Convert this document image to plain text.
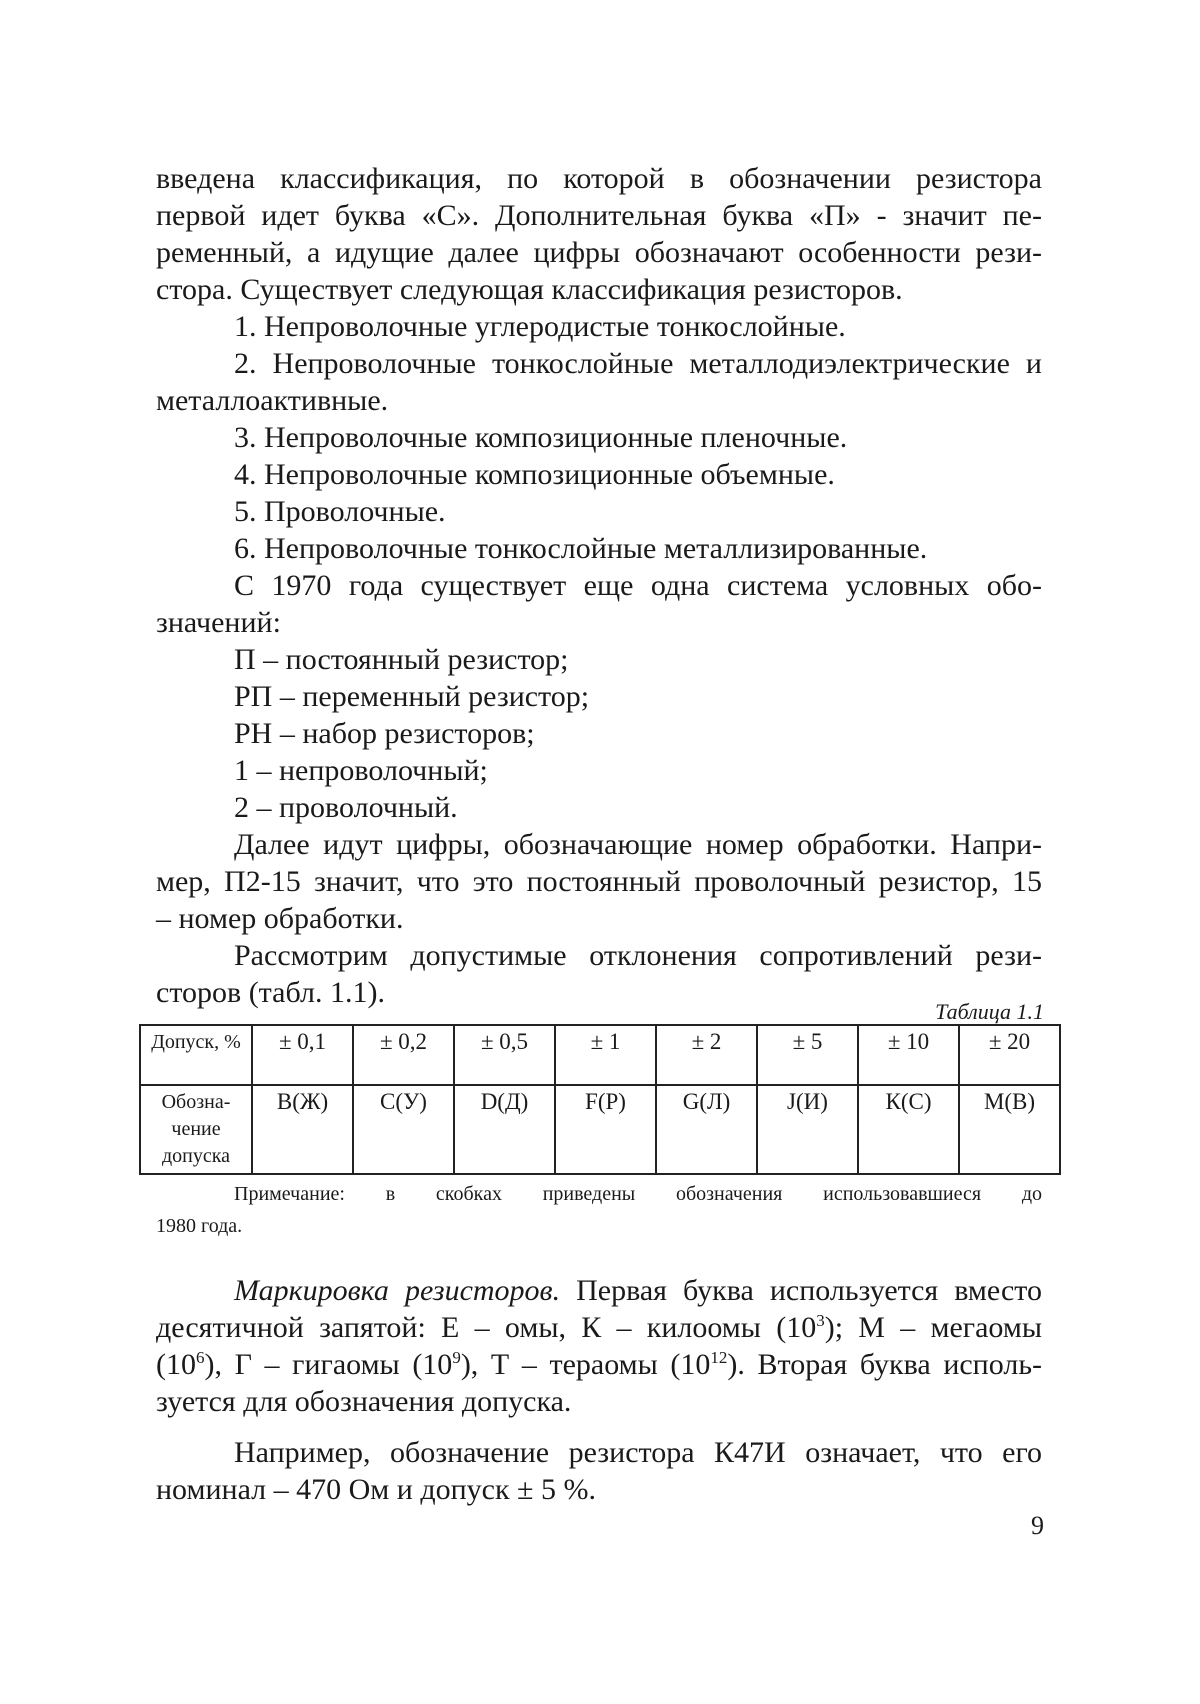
введена классификация, по которой в обозначении резистора

первой идет буква «С». Дополнительная буква «П» - значит пе-

ременный, а идущие далее цифры обозначают особенности рези-

стора. Существует следующая классификация резисторов.

1. Непроволочные углеродистые тонкослойные.

2. Непроволочные тонкослойные металлодиэлектрические и

металлоактивные.

3. Непроволочные композиционные пленочные.

4. Непроволочные композиционные объемные.

5. Проволочные.

6. Непроволочные тонкослойные металлизированные.

С 1970 года существует еще одна система условных обо-

значений:

П – постоянный резистор;

РП – переменный резистор;

РН – набор резисторов;

1 – непроволочный;

2 – проволочный.

Далее идут цифры, обозначающие номер обработки. Напри-

мер, П2-15 значит, что это постоянный проволочный резистор, 15

– номер обработки.

Рассмотрим допустимые отклонения сопротивлений рези-

сторов (табл. 1.1).

Таблица 1.1
Допуск, %	± 0,1	± 0,2	± 0,5	± 1	± 2	± 5	± 10	± 20
Обозна-чение допуска	В(Ж)	С(У)	D(Д)	F(Р)	G(Л)	J(И)	К(С)	М(В)

Примечание: в скобках приведены обозначения использовавшиеся до

1980 года.

Маркировка резисторов. Первая буква используется вместо

десятичной запятой: Е – омы, К – килоомы $(10^3)$; М – мегаомы

$(10^6)$, Г – гигаомы $(10^9)$, Т – тераомы $(10^{12})$. Вторая буква исполь-

зуется для обозначения допуска.

Например, обозначение резистора К47И означает, что его

номинал – 470 Ом и допуск ± 5 %.

9
